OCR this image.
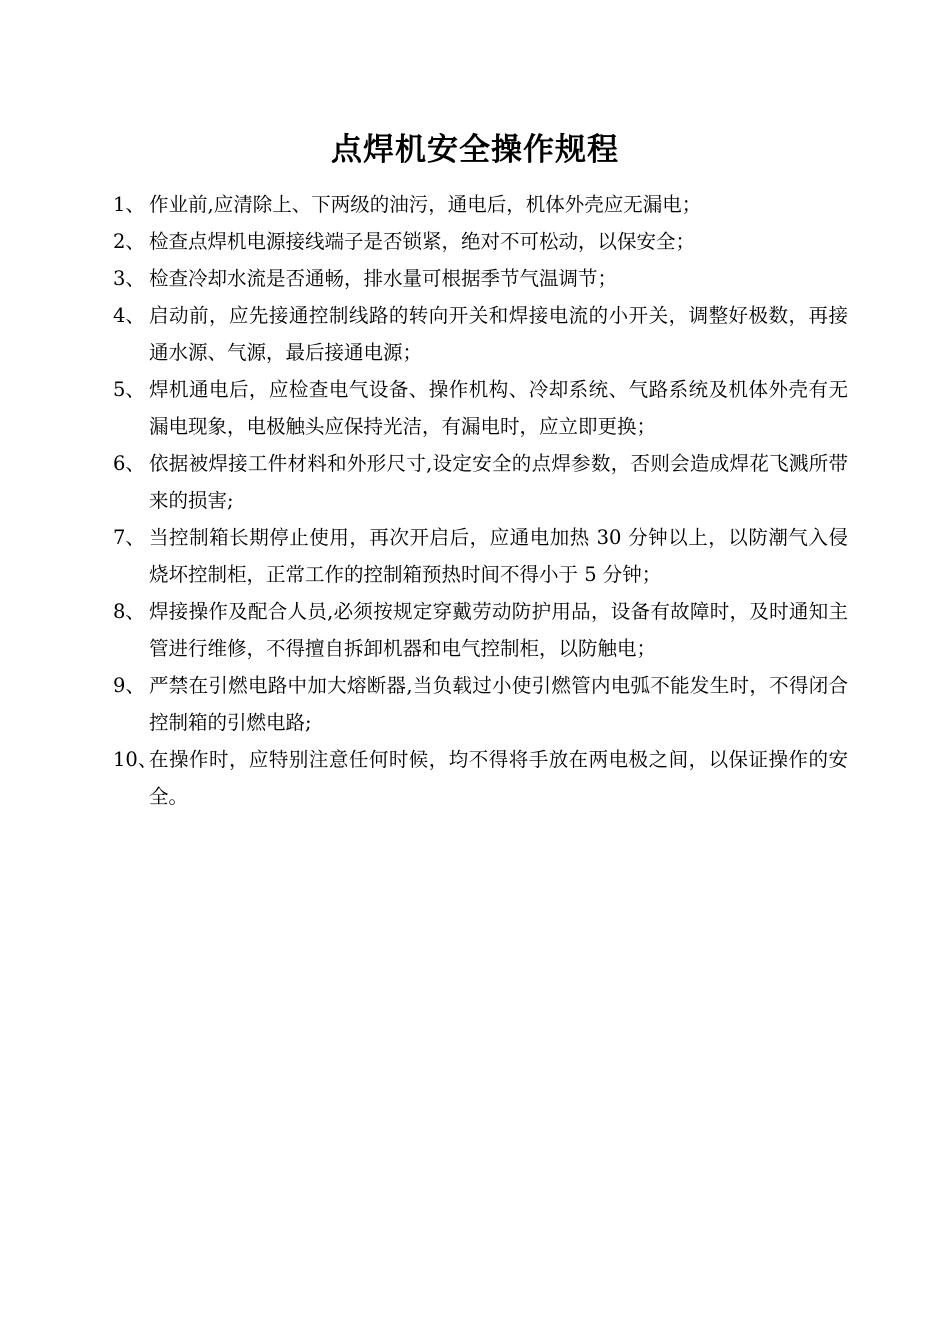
点焊机安全操作规程
1、 作业前,应清除上、下两级的油污，通电后，机体外壳应无漏电；
2、 检查点焊机电源接线端子是否锁紧，绝对不可松动，以保安全；
3、 检查冷却水流是否通畅，排水量可根据季节气温调节；
4、 启动前，应先接通控制线路的转向开关和焊接电流的小开关，调整好极数，再接通水源、气源，最后接通电源；
5、 焊机通电后，应检查电气设备、操作机构、冷却系统、气路系统及机体外壳有无漏电现象，电极触头应保持光洁，有漏电时，应立即更换；
6、 依据被焊接工件材料和外形尺寸,设定安全的点焊参数，否则会造成焊花飞溅所带来的损害;
7、 当控制箱长期停止使用，再次开启后，应通电加热 30 分钟以上，以防潮气入侵烧坏控制柜，正常工作的控制箱预热时间不得小于 5 分钟；
8、 焊接操作及配合人员,必须按规定穿戴劳动防护用品，设备有故障时，及时通知主管进行维修，不得擅自拆卸机器和电气控制柜，以防触电；
9、 严禁在引燃电路中加大熔断器,当负载过小使引燃管内电弧不能发生时，不得闭合控制箱的引燃电路;
10、
在操作时，应特别注意任何时候，均不得将手放在两电极之间，以保证操作的安全。
